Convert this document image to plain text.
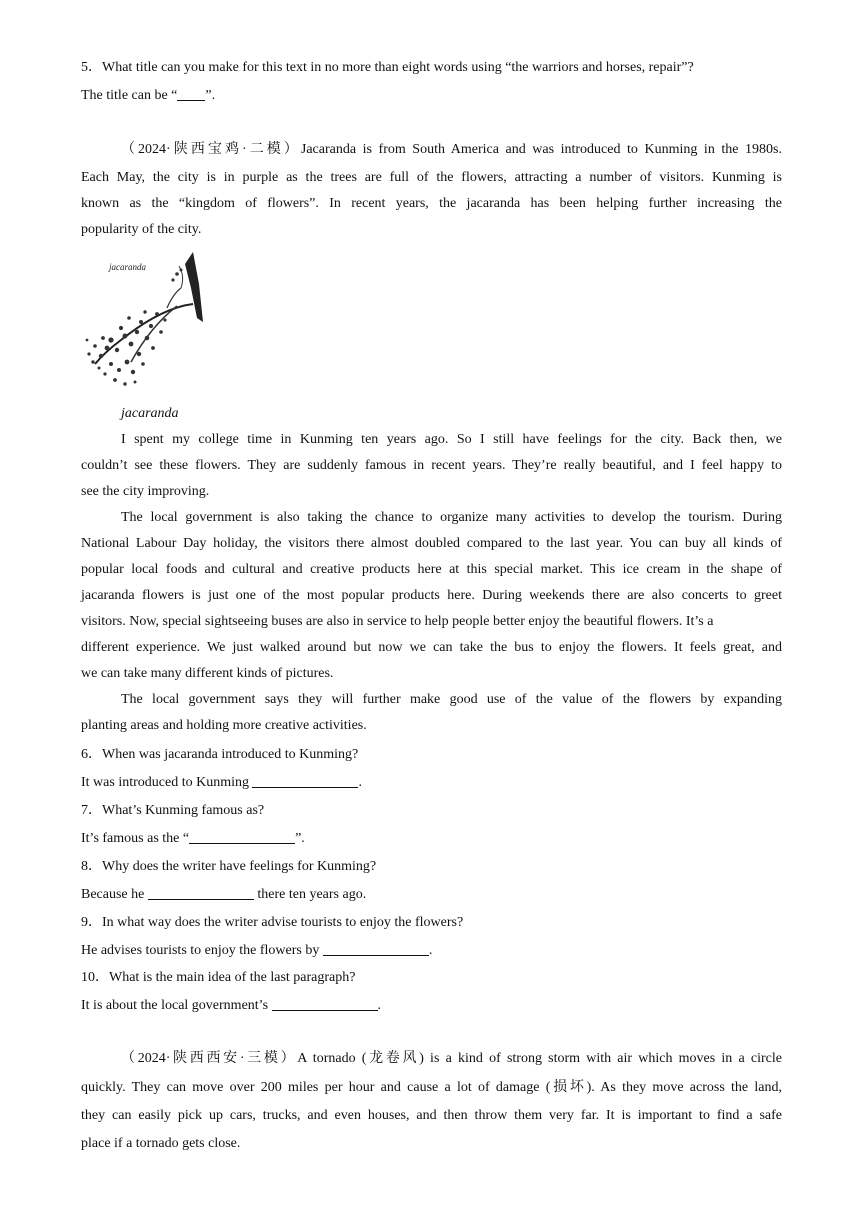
5．What title can you make for this text in no more than eight words using “the warriors and horses, repair”?
The title can be “ ”.
（2024·陕西宝鸡·二模）Jacaranda is from South America and was introduced to Kunming in the 1980s.
Each May, the city is in purple as the trees are full of the flowers, attracting a number of visitors. Kunming is
known as the “kingdom of flowers”. In recent years, the jacaranda has been helping further increasing the
popularity of the city.
jacaranda
jacaranda
I spent my college time in Kunming ten years ago. So I still have feelings for the city. Back then, we
couldn’t see these flowers. They are suddenly famous in recent years. They’re really beautiful, and I feel happy to
see the city improving.
The local government is also taking the chance to organize many activities to develop the tourism. During
National Labour Day holiday, the visitors there almost doubled compared to the last year. You can buy all kinds of
popular local foods and cultural and creative products here at this special market. This ice cream in the shape of
jacaranda flowers is just one of the most popular products here. During weekends there are also concerts to greet
visitors. Now, special sightseeing buses are also in service to help people better enjoy the beautiful flowers. It’s a
different experience. We just walked around but now we can take the bus to enjoy the flowers. It feels great, and
we can take many different kinds of pictures.
The local government says they will further make good use of the value of the flowers by expanding
planting areas and holding more creative activities.
6．When was jacaranda introduced to Kunming?
It was introduced to Kunming	.
7．What’s Kunming famous as?
It’s famous as the “	”.
8．Why does the writer have feelings for Kunming?
Because he	there ten years ago.
9．In what way does the writer advise tourists to enjoy the flowers?
He advises tourists to enjoy the flowers by	.
10．What is the main idea of the last paragraph?
It is about the local government’s	.
（2024·陕西西安·三模）A tornado (龙卷风) is a kind of strong storm with air which moves in a circle
quickly. They can move over 200 miles per hour and cause a lot of damage (损坏). As they move across the land,
they can easily pick up cars, trucks, and even houses, and then throw them very far. It is important to find a safe
place if a tornado gets close.
